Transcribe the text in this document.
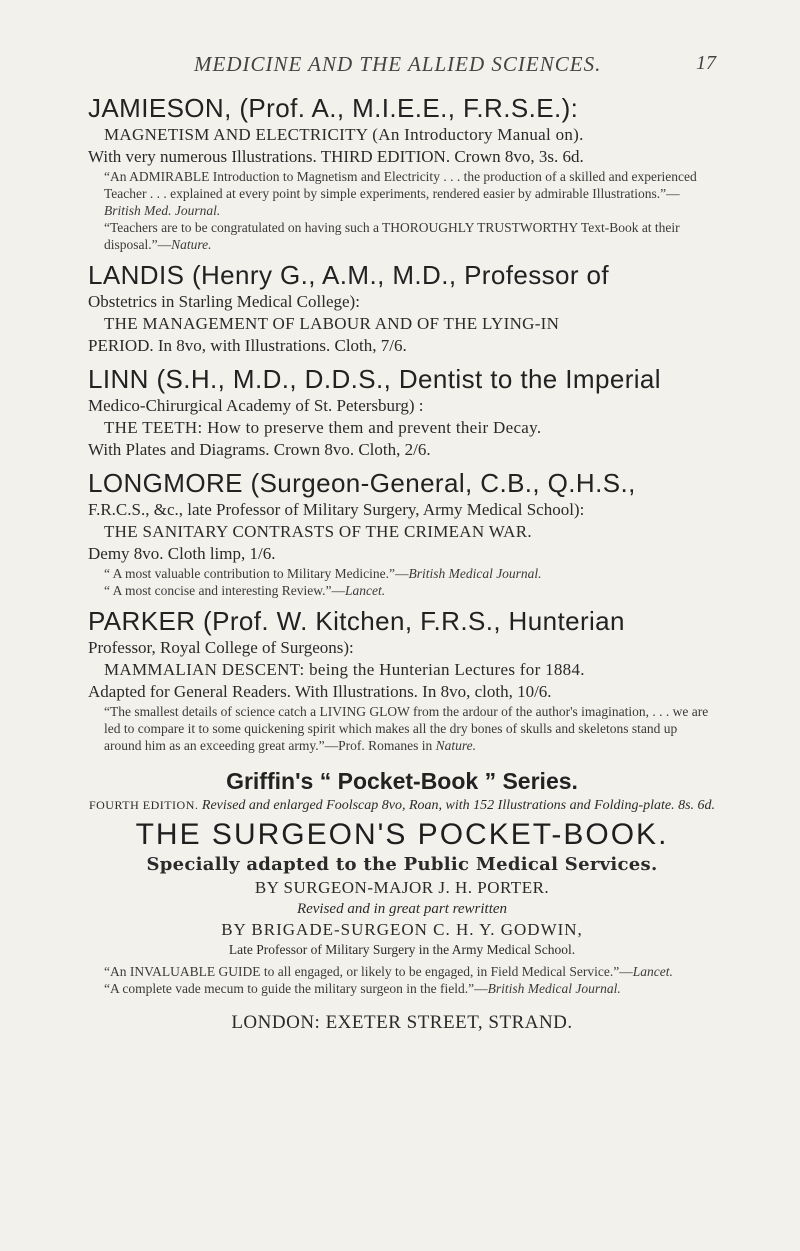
MEDICINE AND THE ALLIED SCIENCES.	17

JAMIESON, (Prof. A., M.I.E.E., F.R.S.E.):

MAGNETISM AND ELECTRICITY (An Introductory Manual on).

With very numerous Illustrations. THIRD EDITION. Crown 8vo, 3s. 6d.

“An ADMIRABLE Introduction to Magnetism and Electricity . . . the production of a skilled and experienced Teacher . . . explained at every point by simple experiments, rendered easier by admirable Illustrations.”—British Med. Journal.

“Teachers are to be congratulated on having such a THOROUGHLY TRUSTWORTHY Text-Book at their disposal.”—Nature.

LANDIS (Henry G., A.M., M.D., Professor of

Obstetrics in Starling Medical College):

THE MANAGEMENT OF LABOUR AND OF THE LYING-IN

PERIOD. In 8vo, with Illustrations. Cloth, 7/6.

LINN (S.H., M.D., D.D.S., Dentist to the Imperial

Medico-Chirurgical Academy of St. Petersburg) :

THE TEETH: How to preserve them and prevent their Decay.

With Plates and Diagrams. Crown 8vo. Cloth, 2/6.

LONGMORE (Surgeon-General, C.B., Q.H.S.,

F.R.C.S., &c., late Professor of Military Surgery, Army Medical School):

THE SANITARY CONTRASTS OF THE CRIMEAN WAR.

Demy 8vo. Cloth limp, 1/6.

“ A most valuable contribution to Military Medicine.”—British Medical Journal.

“ A most concise and interesting Review.”—Lancet.

PARKER (Prof. W. Kitchen, F.R.S., Hunterian

Professor, Royal College of Surgeons):

MAMMALIAN DESCENT: being the Hunterian Lectures for 1884.

Adapted for General Readers. With Illustrations. In 8vo, cloth, 10/6.

“The smallest details of science catch a LIVING GLOW from the ardour of the author's imagination, . . . we are led to compare it to some quickening spirit which makes all the dry bones of skulls and skeletons stand up around him as an exceeding great army.”—Prof. Romanes in Nature.

Griffin's “ Pocket-Book ” Series.

FOURTH EDITION. Revised and enlarged Foolscap 8vo, Roan, with 152 Illustrations and Folding-plate. 8s. 6d.

THE SURGEON'S POCKET-BOOK.

Specially adapted to the Public Medical Services.

BY SURGEON-MAJOR J. H. PORTER.

Revised and in great part rewritten

BY BRIGADE-SURGEON C. H. Y. GODWIN,

Late Professor of Military Surgery in the Army Medical School.

“An INVALUABLE GUIDE to all engaged, or likely to be engaged, in Field Medical Service.”—Lancet.

“A complete vade mecum to guide the military surgeon in the field.”—British Medical Journal.

LONDON: EXETER STREET, STRAND.
